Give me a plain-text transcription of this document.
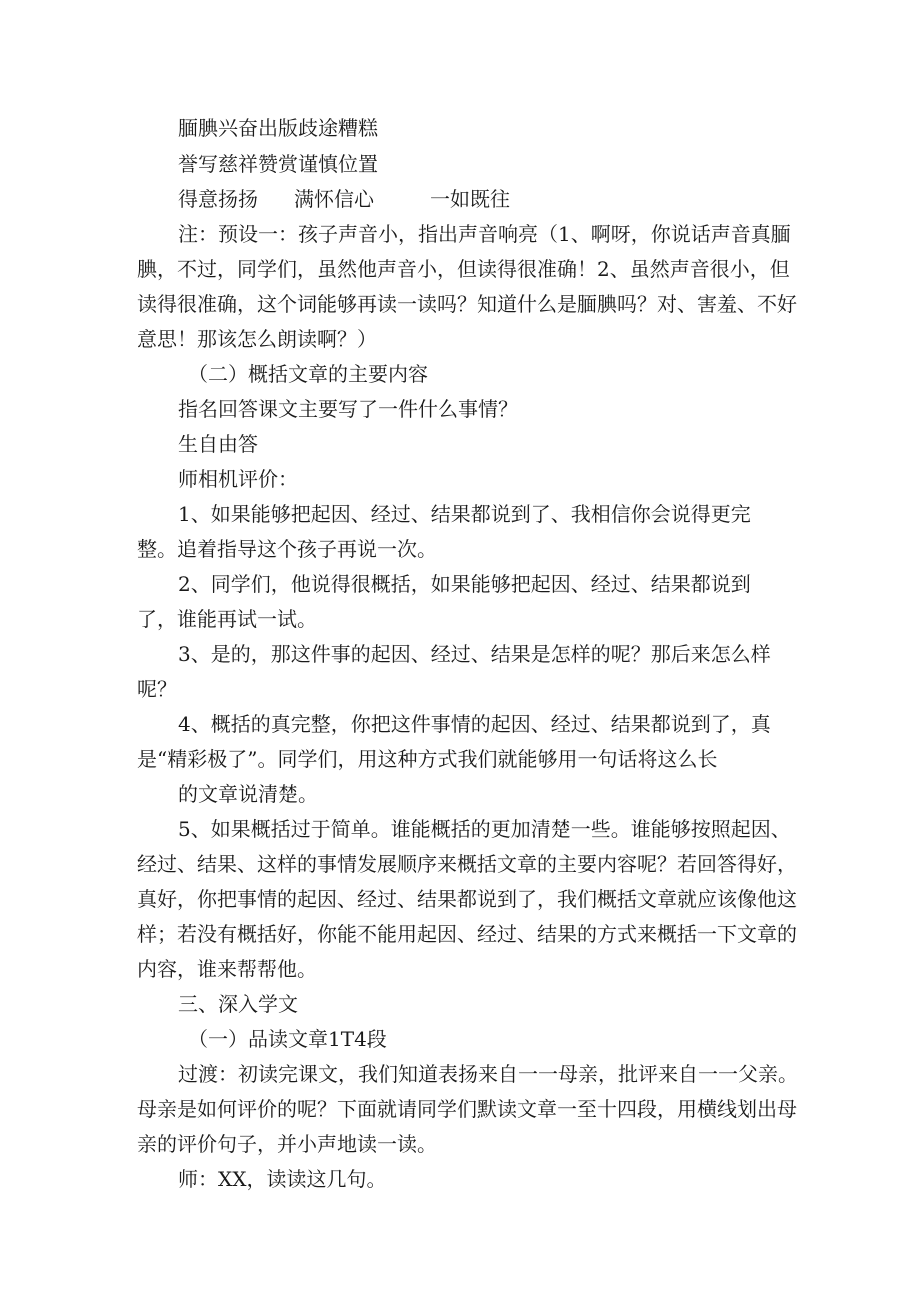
腼腆兴奋出版歧途糟糕
誉写慈祥赞赏谨慎位置
得意扬扬 满怀信心	一如既往
注：预设一：孩子声音小，指出声音响亮（1、啊呀，你说话声音真腼
腆，不过，同学们，虽然他声音小，但读得很准确！2、虽然声音很小，但
读得很准确，这个词能够再读一读吗？知道什么是腼腆吗？对、害羞、不好
意思！那该怎么朗读啊？）
（二）概括文章的主要内容
指名回答课文主要写了一件什么事情？
生自由答
师相机评价：
1、如果能够把起因、经过、结果都说到了、我相信你会说得更完
整。追着指导这个孩子再说一次。
2、同学们，他说得很概括，如果能够把起因、经过、结果都说到
了，谁能再试一试。
3、是的，那这件事的起因、经过、结果是怎样的呢？那后来怎么样
呢？
4、概括的真完整，你把这件事情的起因、经过、结果都说到了，真
是“精彩极了”。同学们，用这种方式我们就能够用一句话将这么长
的文章说清楚。
5、如果概括过于简单。谁能概括的更加清楚一些。谁能够按照起因、
经过、结果、这样的事情发展顺序来概括文章的主要内容呢？若回答得好，
真好，你把事情的起因、经过、结果都说到了，我们概括文章就应该像他这
样；若没有概括好，你能不能用起因、经过、结果的方式来概括一下文章的
内容，谁来帮帮他。
三、深入学文
（一）品读文章1T4段
过渡：初读完课文，我们知道表扬来自一一母亲，批评来自一一父亲。
母亲是如何评价的呢？下面就请同学们默读文章一至十四段，用横线划出母
亲的评价句子，并小声地读一读。
师：XX，读读这几句。
